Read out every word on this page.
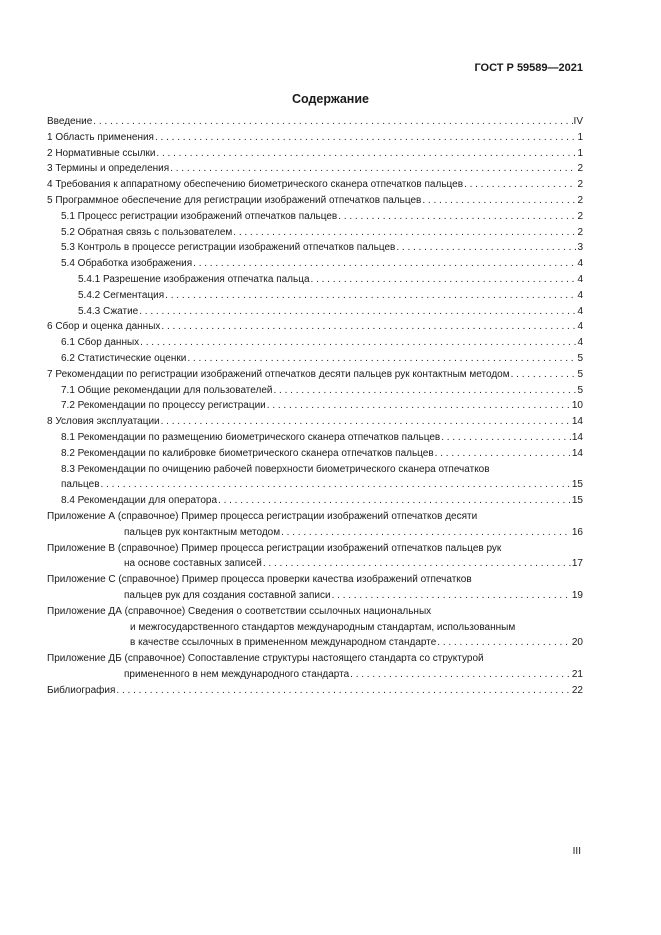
ГОСТ Р 59589—2021
Содержание
Введение . . .	IV
1 Область применения . . .	1
2 Нормативные ссылки . . .	1
3 Термины и определения . . .	2
4 Требования к аппаратному обеспечению биометрического сканера отпечатков пальцев . . .	2
5 Программное обеспечение для регистрации изображений отпечатков пальцев . . .	2
5.1 Процесс регистрации изображений отпечатков пальцев . . .	2
5.2 Обратная связь с пользователем . . .	2
5.3 Контроль в процессе регистрации изображений отпечатков пальцев . . .	3
5.4 Обработка изображения . . .	4
5.4.1 Разрешение изображения отпечатка пальца . . .	4
5.4.2 Сегментация . . .	4
5.4.3 Сжатие . . .	4
6 Сбор и оценка данных . . .	4
6.1 Сбор данных . . .	4
6.2 Статистические оценки . . .	5
7 Рекомендации по регистрации изображений отпечатков десяти пальцев рук контактным методом . . .	5
7.1 Общие рекомендации для пользователей . . .	5
7.2 Рекомендации по процессу регистрации . . .	10
8 Условия эксплуатации . . .	14
8.1 Рекомендации по размещению биометрического сканера отпечатков пальцев . . .	14
8.2 Рекомендации по калибровке биометрического сканера отпечатков пальцев . . .	14
8.3 Рекомендации по очищению рабочей поверхности биометрического сканера отпечатков
пальцев . . .	15
8.4 Рекомендации для оператора . . .	15
Приложение А (справочное) Пример процесса регистрации изображений отпечатков десяти
пальцев рук контактным методом . . .	16
Приложение В (справочное) Пример процесса регистрации изображений отпечатков пальцев рук
на основе составных записей . . .	17
Приложение С (справочное) Пример процесса проверки качества изображений отпечатков
пальцев рук для создания составной записи . . .	19
Приложение ДА (справочное) Сведения о соответствии ссылочных национальных
и межгосударственного стандартов международным стандартам, использованным
в качестве ссылочных в примененном международном стандарте . . .	20
Приложение ДБ (справочное) Сопоставление структуры настоящего стандарта со структурой
примененного в нем международного стандарта . . .	21
Библиография . . .	22
III
